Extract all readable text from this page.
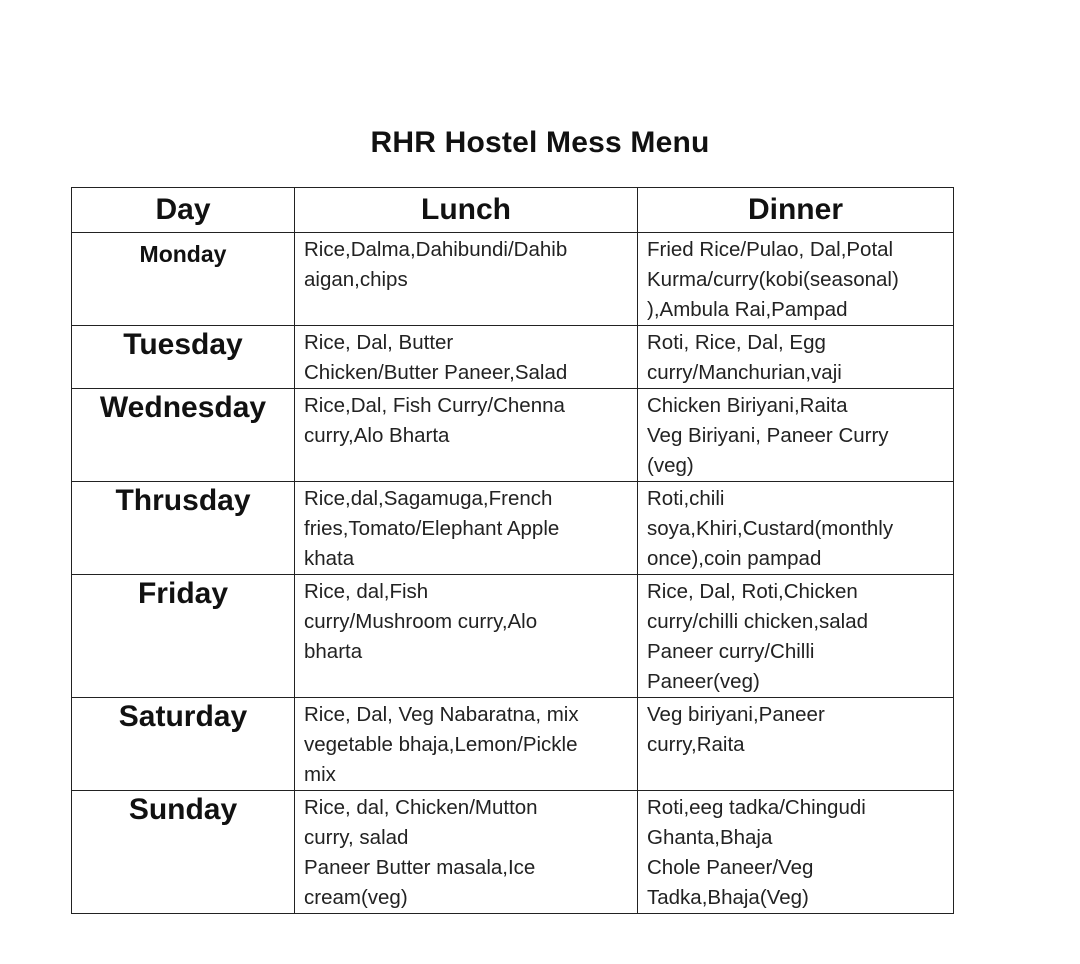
RHR Hostel Mess Menu
Day	Lunch	Dinner
Monday	Rice,Dalma,Dahibundi/Dahib
aigan,chips	Fried Rice/Pulao, Dal,Potal
Kurma/curry(kobi(seasonal)
),Ambula Rai,Pampad

Tuesday	Rice, Dal, Butter
Chicken/Butter Paneer,Salad	Roti, Rice, Dal, Egg
curry/Manchurian,vaji

Wednesday	Rice,Dal, Fish Curry/Chenna
curry,Alo Bharta	Chicken Biriyani,Raita
Veg Biriyani, Paneer Curry
(veg)

Thrusday	Rice,dal,Sagamuga,French
fries,Tomato/Elephant Apple
khata	Roti,chili
soya,Khiri,Custard(monthly
once),coin pampad

Friday	Rice, dal,Fish
curry/Mushroom curry,Alo
bharta	Rice, Dal, Roti,Chicken
curry/chilli chicken,salad
Paneer curry/Chilli
Paneer(veg)

Saturday	Rice, Dal, Veg Nabaratna, mix
vegetable bhaja,Lemon/Pickle
mix	Veg biriyani,Paneer
curry,Raita

Sunday	Rice, dal, Chicken/Mutton
curry, salad
Paneer Butter masala,Ice
cream(veg)	Roti,eeg tadka/Chingudi
Ghanta,Bhaja
Chole Paneer/Veg
Tadka,Bhaja(Veg)
